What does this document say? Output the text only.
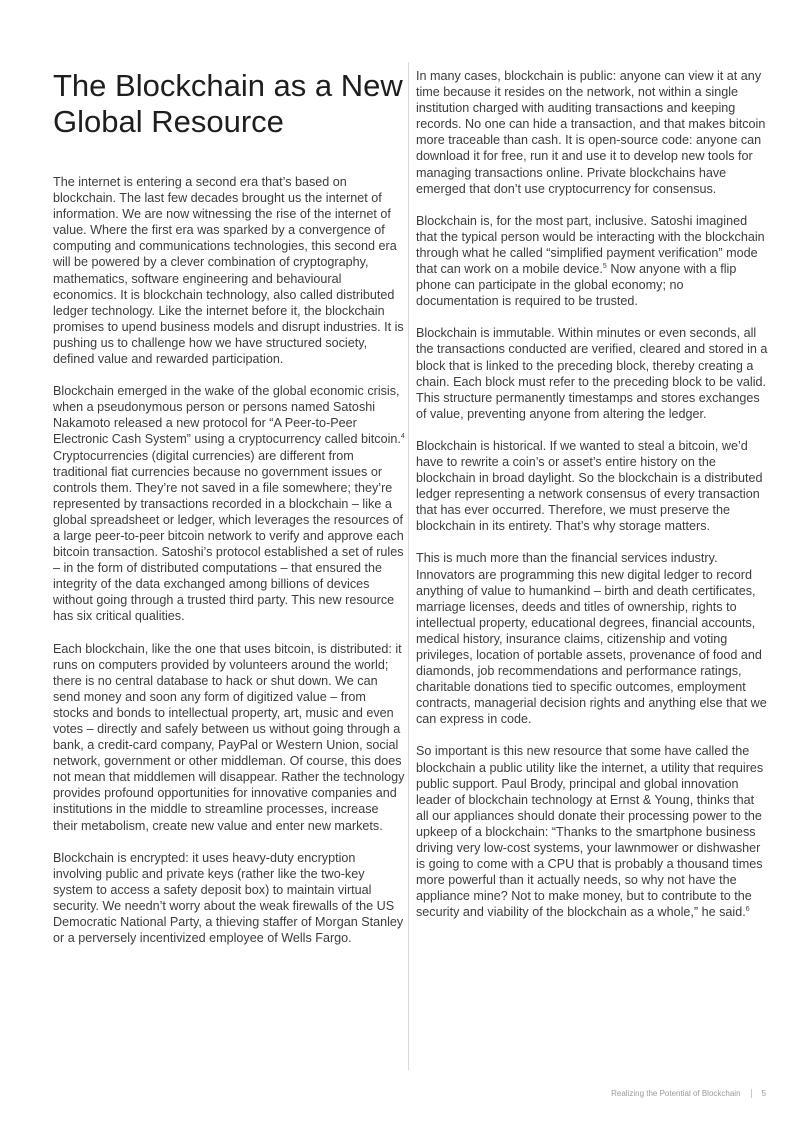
The Blockchain as a New Global Resource

The internet is entering a second era that’s based on blockchain. The last few decades brought us the internet of information. We are now witnessing the rise of the internet of value. Where the first era was sparked by a convergence of computing and communications technologies, this second era will be powered by a clever combination of cryptography, mathematics, software engineering and behavioural economics. It is blockchain technology, also called distributed ledger technology. Like the internet before it, the blockchain promises to upend business models and disrupt industries. It is pushing us to challenge how we have structured society, defined value and rewarded participation.

Blockchain emerged in the wake of the global economic crisis, when a pseudonymous person or persons named Satoshi Nakamoto released a new protocol for “A Peer-to-Peer Electronic Cash System” using a cryptocurrency called bitcoin.$^4$ Cryptocurrencies (digital currencies) are different from traditional fiat currencies because no government issues or controls them. They’re not saved in a file somewhere; they’re represented by transactions recorded in a blockchain – like a global spreadsheet or ledger, which leverages the resources of a large peer-to-peer bitcoin network to verify and approve each bitcoin transaction. Satoshi’s protocol established a set of rules – in the form of distributed computations – that ensured the integrity of the data exchanged among billions of devices without going through a trusted third party. This new resource has six critical qualities.

Each blockchain, like the one that uses bitcoin, is distributed: it runs on computers provided by volunteers around the world; there is no central database to hack or shut down. We can send money and soon any form of digitized value – from stocks and bonds to intellectual property, art, music and even votes – directly and safely between us without going through a bank, a credit-card company, PayPal or Western Union, social network, government or other middleman. Of course, this does not mean that middlemen will disappear. Rather the technology provides profound opportunities for innovative companies and institutions in the middle to streamline processes, increase their metabolism, create new value and enter new markets.

Blockchain is encrypted: it uses heavy-duty encryption involving public and private keys (rather like the two-key system to access a safety deposit box) to maintain virtual security. We needn’t worry about the weak firewalls of the US Democratic National Party, a thieving staffer of Morgan Stanley or a perversely incentivized employee of Wells Fargo.

In many cases, blockchain is public: anyone can view it at any time because it resides on the network, not within a single institution charged with auditing transactions and keeping records. No one can hide a transaction, and that makes bitcoin more traceable than cash. It is open-source code: anyone can download it for free, run it and use it to develop new tools for managing transactions online. Private blockchains have emerged that don’t use cryptocurrency for consensus.

Blockchain is, for the most part, inclusive. Satoshi imagined that the typical person would be interacting with the blockchain through what he called “simplified payment verification” mode that can work on a mobile device.$^5$ Now anyone with a flip phone can participate in the global economy; no documentation is required to be trusted.

Blockchain is immutable. Within minutes or even seconds, all the transactions conducted are verified, cleared and stored in a block that is linked to the preceding block, thereby creating a chain. Each block must refer to the preceding block to be valid. This structure permanently timestamps and stores exchanges of value, preventing anyone from altering the ledger.

Blockchain is historical. If we wanted to steal a bitcoin, we’d have to rewrite a coin’s or asset’s entire history on the blockchain in broad daylight. So the blockchain is a distributed ledger representing a network consensus of every transaction that has ever occurred. Therefore, we must preserve the blockchain in its entirety. That’s why storage matters.

This is much more than the financial services industry. Innovators are programming this new digital ledger to record anything of value to humankind – birth and death certificates, marriage licenses, deeds and titles of ownership, rights to intellectual property, educational degrees, financial accounts, medical history, insurance claims, citizenship and voting privileges, location of portable assets, provenance of food and diamonds, job recommendations and performance ratings, charitable donations tied to specific outcomes, employment contracts, managerial decision rights and anything else that we can express in code.

So important is this new resource that some have called the blockchain a public utility like the internet, a utility that requires public support. Paul Brody, principal and global innovation leader of blockchain technology at Ernst & Young, thinks that all our appliances should donate their processing power to the upkeep of a blockchain: “Thanks to the smartphone business driving very low-cost systems, your lawnmower or dishwasher is going to come with a CPU that is probably a thousand times more powerful than it actually needs, so why not have the appliance mine? Not to make money, but to contribute to the security and viability of the blockchain as a whole,” he said.$^6$

Realizing the Potential of Blockchain	5
